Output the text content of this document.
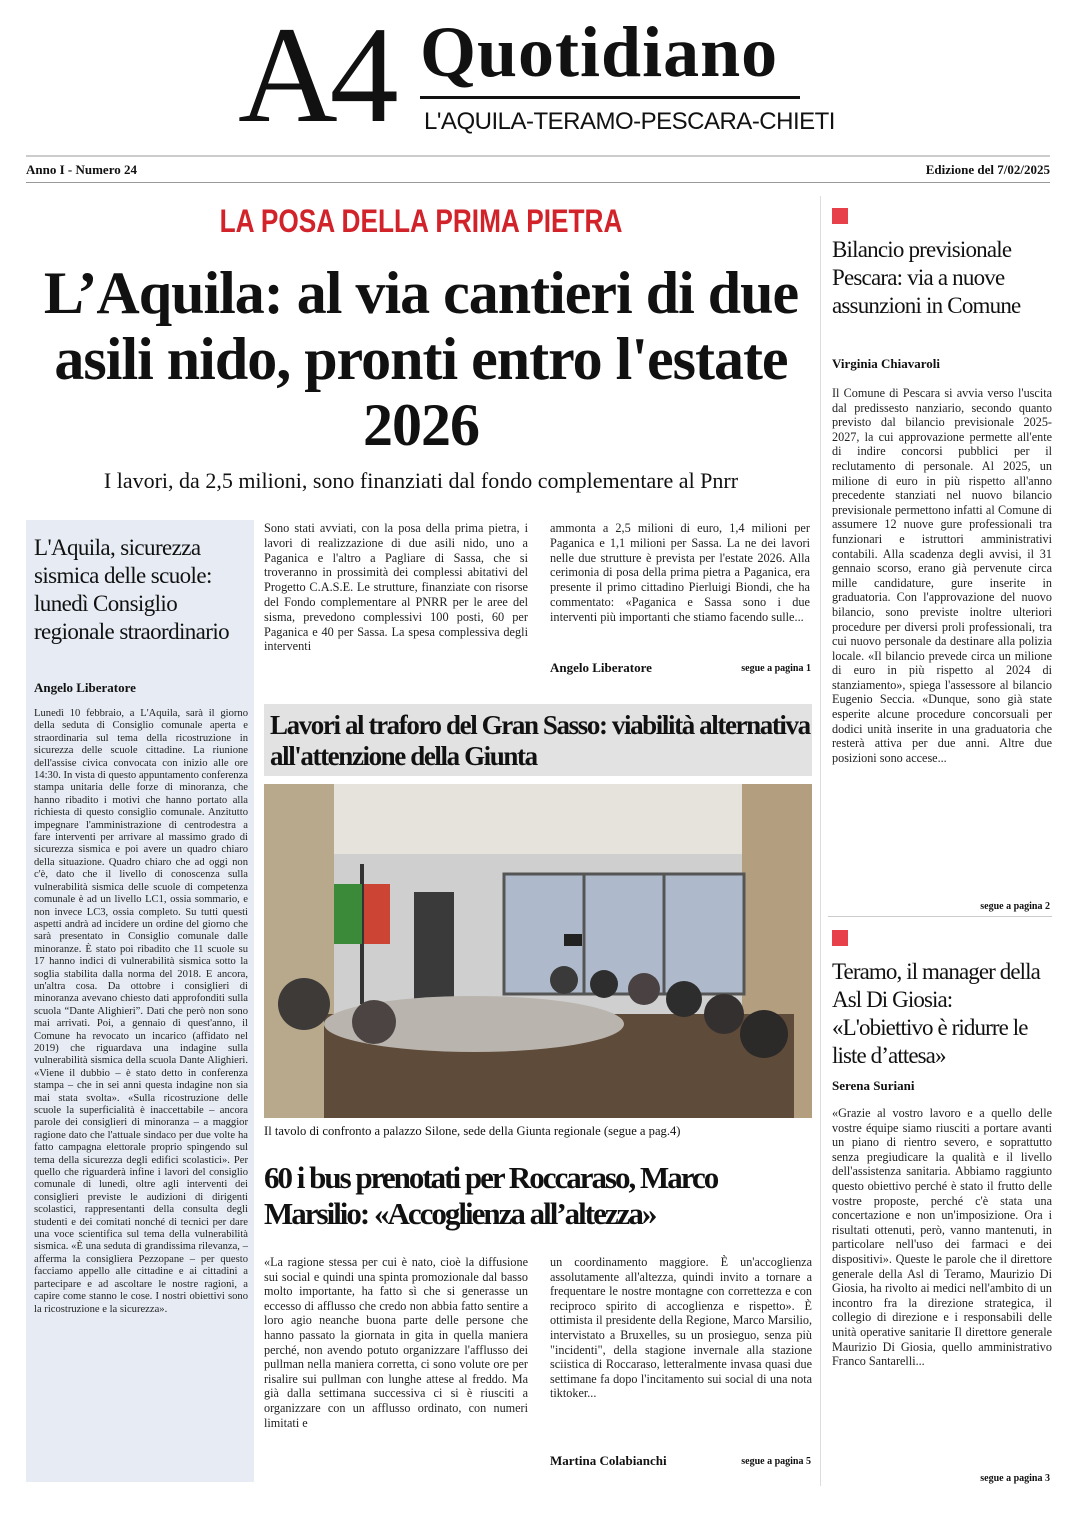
A4 Quotidiano
L'AQUILA-TERAMO-PESCARA-CHIETI
Anno I - Numero 24	Edizione del 7/02/2025
LA POSA DELLA PRIMA PIETRA
L’Aquila: al via cantieri di due asili nido, pronti entro l'estate 2026
I lavori, da 2,5 milioni, sono finanziati dal fondo complementare al Pnrr
L'Aquila, sicurezza sismica delle scuole: lunedì Consiglio regionale straordinario
Angelo Liberatore

Lunedì 10 febbraio, a L'Aquila, sarà il giorno della seduta di Consiglio comunale aperta e straordinaria sul tema della ricostruzione in sicurezza delle scuole cittadine. La riunione dell'assise civica convocata con inizio alle ore 14:30. In vista di questo appuntamento conferenza stampa unitaria delle forze di minoranza, che hanno ribadito i motivi che hanno portato alla richiesta di questo consiglio comunale. Anzitutto impegnare l'amministrazione di centrodestra a fare interventi per arrivare al massimo grado di sicurezza sismica e poi avere un quadro chiaro della situazione. Quadro chiaro che ad oggi non c'è, dato che il livello di conoscenza sulla vulnerabilità sismica delle scuole di competenza comunale è ad un livello LC1, ossia sommario, e non invece LC3, ossia completo. Su tutti questi aspetti andrà ad incidere un ordine del giorno che sarà presentato in Consiglio comunale dalle minoranze. È stato poi ribadito che 11 scuole su 17 hanno indici di vulnerabilità sismica sotto la soglia stabilita dalla norma del 2018. E ancora, un'altra cosa. Da ottobre i consiglieri di minoranza avevano chiesto dati approfonditi sulla scuola “Dante Alighieri”. Dati che però non sono mai arrivati. Poi, a gennaio di quest'anno, il Comune ha revocato un incarico (affidato nel 2019) che riguardava una indagine sulla vulnerabilità sismica della scuola Dante Alighieri. «Viene il dubbio – è stato detto in conferenza stampa – che in sei anni questa indagine non sia mai stata svolta». «Sulla ricostruzione delle scuole la superficialità è inaccettabile – ancora parole dei consiglieri di minoranza – a maggior ragione dato che l'attuale sindaco per due volte ha fatto campagna elettorale proprio spingendo sul tema della sicurezza degli edifici scolastici». Per quello che riguarderà infine i lavori del consiglio comunale di lunedì, oltre agli interventi dei consiglieri previste le audizioni di dirigenti scolastici, rappresentanti della consulta degli studenti e dei comitati nonché di tecnici per dare una voce scientifica sul tema della vulnerabilità sismica. «È una seduta di grandissima rilevanza, – afferma la consigliera Pezzopane – per questo facciamo appello alle cittadine e ai cittadini a partecipare e ad ascoltare le nostre ragioni, a capire come stanno le cose. I nostri obiettivi sono la ricostruzione e la sicurezza».

Sono stati avviati, con la posa della prima pietra, i lavori di realizzazione di due asili nido, uno a Paganica e l'altro a Pagliare di Sassa, che si troveranno in prossimità dei complessi abitativi del Progetto C.A.S.E. Le strutture, finanziate con risorse del Fondo complementare al PNRR per le aree del sisma, prevedono complessivi 100 posti, 60 per Paganica e 40 per Sassa. La spesa complessiva degli interventi

ammonta a 2,5 milioni di euro, 1,4 milioni per Paganica e 1,1 milioni per Sassa. La ne dei lavori nelle due strutture è prevista per l'estate 2026. Alla cerimonia di posa della prima pietra a Paganica, era presente il primo cittadino Pierluigi Biondi, che ha commentato: «Paganica e Sassa sono i due interventi più importanti che stiamo facendo sulle...

Angelo Liberatore	segue a pagina 1
Lavori al traforo del Gran Sasso: viabilità alternativa all'attenzione della Giunta
Il tavolo di confronto a palazzo Silone, sede della Giunta regionale (segue a pag.4)
60 i bus prenotati per Roccaraso, Marco Marsilio: «Accoglienza all’altezza»

«La ragione stessa per cui è nato, cioè la diffusione sui social e quindi una spinta promozionale dal basso molto importante, ha fatto sì che si generasse un eccesso di afflusso che credo non abbia fatto sentire a loro agio neanche buona parte delle persone che hanno passato la giornata in gita in quella maniera perché, non avendo potuto organizzare l'afflusso dei pullman nella maniera corretta, ci sono volute ore per risalire sui pullman con lunghe attese al freddo. Ma già dalla settimana successiva ci si è riusciti a organizzare con un afflusso ordinato, con numeri limitati e

un coordinamento maggiore. È un'accoglienza assolutamente all'altezza, quindi invito a tornare a frequentare le nostre montagne con correttezza e con reciproco spirito di accoglienza e rispetto». È ottimista il presidente della Regione, Marco Marsilio, intervistato a Bruxelles, su un prosieguo, senza più "incidenti", della stagione invernale alla stazione sciistica di Roccaraso, letteralmente invasa quasi due settimane fa dopo l'incitamento sui social di una nota tiktoker...

Martina Colabianchi	segue a pagina 5
Bilancio previsionale Pescara: via a nuove assunzioni in Comune
Virginia Chiavaroli

Il Comune di Pescara si avvia verso l'uscita dal predissesto nanziario, secondo quanto previsto dal bilancio previsionale 2025-2027, la cui approvazione permette all'ente di indire concorsi pubblici per il reclutamento di personale. Al 2025, un milione di euro in più rispetto all'anno precedente stanziati nel nuovo bilancio previsionale permettono infatti al Comune di assumere 12 nuove gure professionali tra funzionari e istruttori amministrativi contabili. Alla scadenza degli avvisi, il 31 gennaio scorso, erano già pervenute circa mille candidature, gure inserite in graduatoria. Con l'approvazione del nuovo bilancio, sono previste inoltre ulteriori procedure per diversi proli professionali, tra cui nuovo personale da destinare alla polizia locale. «Il bilancio prevede circa un milione di euro in più rispetto al 2024 di stanziamento», spiega l'assessore al bilancio Eugenio Seccia. «Dunque, sono già state esperite alcune procedure concorsuali per dodici unità inserite in una graduatoria che resterà attiva per due anni. Altre due posizioni sono accese...

segue a pagina 2
Teramo, il manager della Asl Di Giosia: «L'obiettivo è ridurre le liste d’attesa»
Serena Suriani

«Grazie al vostro lavoro e a quello delle vostre équipe siamo riusciti a portare avanti un piano di rientro severo, e soprattutto senza pregiudicare la qualità e il livello dell'assistenza sanitaria. Abbiamo raggiunto questo obiettivo perché è stato il frutto delle vostre proposte, perché c'è stata una concertazione e non un'imposizione. Ora i risultati ottenuti, però, vanno mantenuti, in particolare nell'uso dei farmaci e dei dispositivi». Queste le parole che il direttore generale della Asl di Teramo, Maurizio Di Giosia, ha rivolto ai medici nell'ambito di un incontro fra la direzione strategica, il collegio di direzione e i responsabili delle unità operative sanitarie Il direttore generale Maurizio Di Giosia, quello amministrativo Franco Santarelli...

segue a pagina 3
